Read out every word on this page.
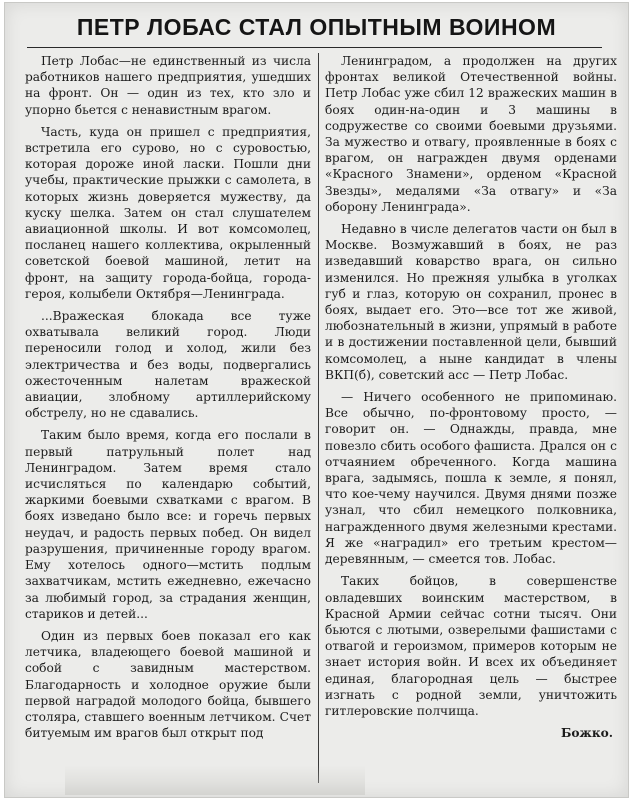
ПЕТР ЛОБАС СТАЛ ОПЫТНЫМ ВОИНОМ

Петр Лобас—не единственный из числа работников нашего предприятия, ушедших на фронт. Он — один из тех, кто зло и упорно бьется с ненавистным врагом.

Часть, куда он пришел с предприятия, встретила его сурово, но с суровостью, которая дороже иной ласки. Пошли дни учебы, практические прыжки с самолета, в которых жизнь доверяется мужеству, да куску шелка. Затем он стал слушателем авиационной школы. И вот комсомолец, посланец нашего коллектива, окрыленный советской боевой машиной, летит на фронт, на защиту города-бойца, города-героя, колыбели Октября—Ленинграда.

...Вражеская блокада все туже охватывала великий город. Люди переносили голод и холод, жили без электричества и без воды, подвергались ожесточенным налетам вражеской авиации, злобному артиллерийскому обстрелу, но не сдавались.

Таким было время, когда его послали в первый патрульный полет над Ленинградом. Затем время стало исчисляться по календарю событий, жаркими боевыми схватками с врагом. В боях изведано было все: и горечь первых неудач, и радость первых побед. Он видел разрушения, причиненные городу врагом. Ему хотелось одного—мстить подлым захватчикам, мстить ежедневно, ежечасно за любимый город, за страдания женщин, стариков и детей...

Один из первых боев показал его как летчика, владеющего боевой машиной и собой с завидным мастерством. Благодарность и холодное оружие были первой наградой молодого бойца, бывшего столяра, ставшего военным летчиком. Счет битуемым им врагов был открыт под

Ленинградом, а продолжен на других фронтах великой Отечественной войны. Петр Лобас уже сбил 12 вражеских машин в боях один-на-один и 3 машины в содружестве со своими боевыми друзьями. За мужество и отвагу, проявленные в боях с врагом, он награжден двумя орденами «Красного Знамени», орденом «Красной Звезды», медалями «За отвагу» и «За оборону Ленинграда».

Недавно в числе делегатов части он был в Москве. Возмужавший в боях, не раз изведавший коварство врага, он сильно изменился. Но прежняя улыбка в уголках губ и глаз, которую он сохранил, пронес в боях, выдает его. Это—все тот же живой, любознательный в жизни, упрямый в работе и в достижении поставленной цели, бывший комсомолец, а ныне кандидат в члены ВКП(б), советский асс — Петр Лобас.

— Ничего особенного не припоминаю. Все обычно, по-фронтовому просто, — говорит он. — Однажды, правда, мне повезло сбить особого фашиста. Дрался он с отчаянием обреченного. Когда машина врага, задымясь, пошла к земле, я понял, что кое-чему научился. Двумя днями позже узнал, что сбил немецкого полковника, награжденного двумя железными крестами. Я же «наградил» его третьим крестом—деревянным, — смеется тов. Лобас.

Таких бойцов, в совершенстве овладевших воинским мастерством, в Красной Армии сейчас сотни тысяч. Они бьются с лютыми, озверелыми фашистами с отвагой и героизмом, примеров которым не знает история войн. И всех их объединяет единая, благородная цель — быстрее изгнать с родной земли, уничтожить гитлеровские полчища.

Божко.
